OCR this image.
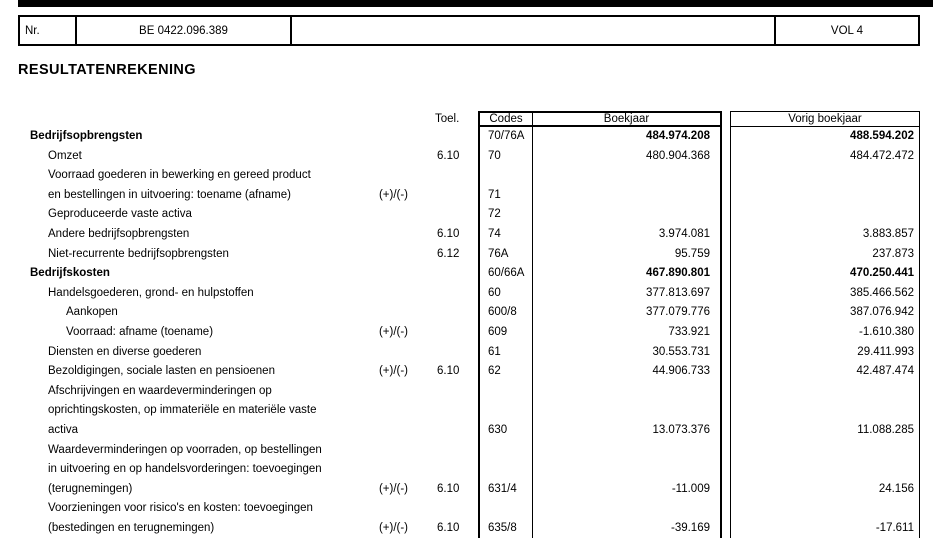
Nr.	BE 0422.096.389	VOL 4
RESULTATENREKENING
Toel.	Codes	Boekjaar	Vorig boekjaar
Bedrijfsopbrengsten	70/76A	484.974.208	488.594.202
Omzet	6.10	70	480.904.368	484.472.472
Voorraad goederen in bewerking en gereed product
en bestellingen in uitvoering: toename (afname)	(+)/(-)	71
Geproduceerde vaste activa	72
Andere bedrijfsopbrengsten	6.10	74	3.974.081	3.883.857
Niet-recurrente bedrijfsopbrengsten	6.12	76A	95.759	237.873
Bedrijfskosten	60/66A	467.890.801	470.250.441
Handelsgoederen, grond- en hulpstoffen	60	377.813.697	385.466.562
Aankopen	600/8	377.079.776	387.076.942
Voorraad: afname (toename)	(+)/(-)	609	733.921	-1.610.380
Diensten en diverse goederen	61	30.553.731	29.411.993
Bezoldigingen, sociale lasten en pensioenen	(+)/(-)	6.10	62	44.906.733	42.487.474
Afschrijvingen en waardeverminderingen op
oprichtingskosten, op immateriële en materiële vaste
activa	630	13.073.376	11.088.285
Waardeverminderingen op voorraden, op bestellingen
in uitvoering en op handelsvorderingen: toevoegingen
(terugnemingen)	(+)/(-)	6.10	631/4	-11.009	24.156
Voorzieningen voor risico's en kosten: toevoegingen
(bestedingen en terugnemingen)	(+)/(-)	6.10	635/8	-39.169	-17.611
